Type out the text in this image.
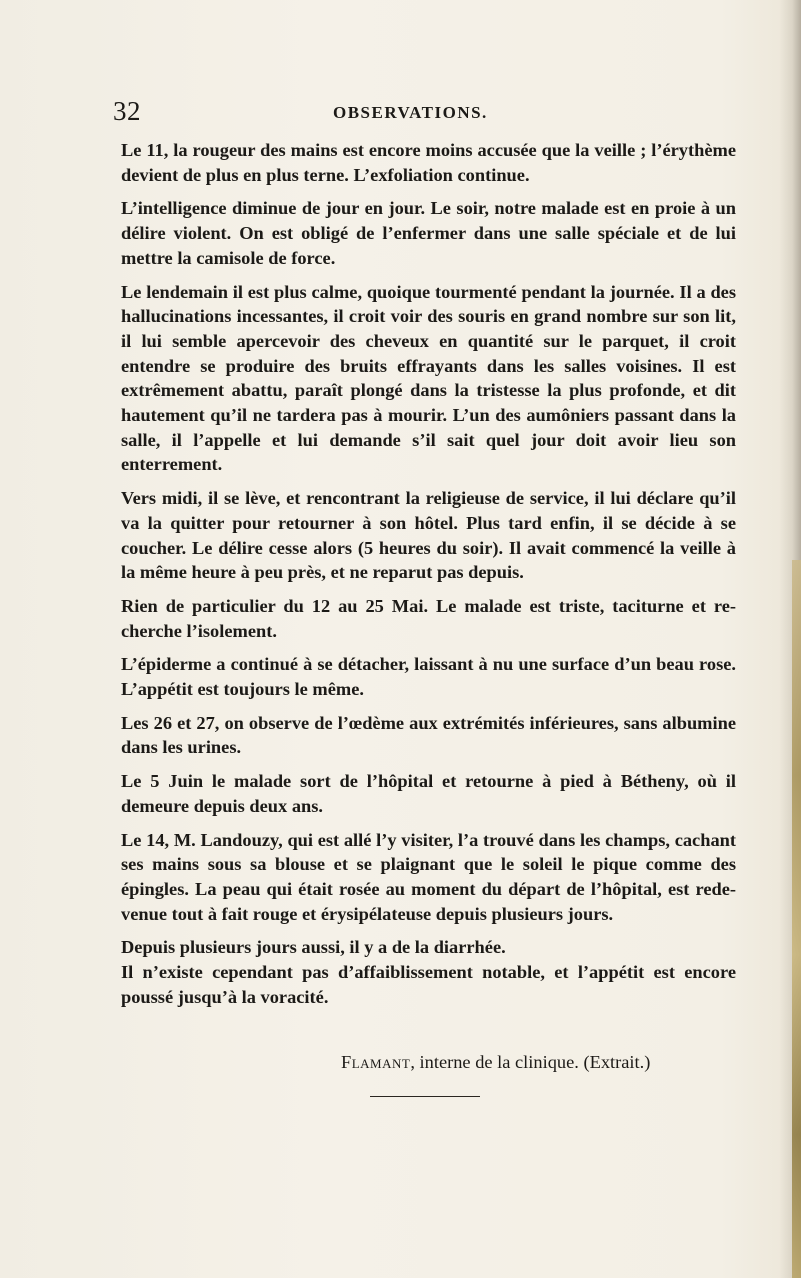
32	OBSERVATIONS.

Le 11, la rougeur des mains est encore moins accusée que la veille ; l’érythème devient de plus en plus terne. L’exfoliation continue.

L’intelligence diminue de jour en jour. Le soir, notre malade est en proie à un délire violent. On est obligé de l’enfermer dans une salle spéciale et de lui mettre la camisole de force.

Le lendemain il est plus calme, quoique tourmenté pendant la journée. Il a des hallucinations incessantes, il croit voir des souris en grand nombre sur son lit, il lui semble apercevoir des cheveux en quantité sur le parquet, il croit entendre se produire des bruits effrayants dans les salles voisines. Il est extrêmement abattu, paraît plongé dans la tristesse la plus profonde, et dit hautement qu’il ne tardera pas à mourir. L’un des aumôniers passant dans la salle, il l’appelle et lui demande s’il sait quel jour doit avoir lieu son enterrement.

Vers midi, il se lève, et rencontrant la religieuse de service, il lui déclare qu’il va la quitter pour retourner à son hôtel. Plus tard enfin, il se décide à se coucher. Le délire cesse alors (5 heures du soir). Il avait commencé la veille à la même heure à peu près, et ne reparut pas depuis.

Rien de particulier du 12 au 25 Mai. Le malade est triste, taciturne et re-cherche l’isolement.

L’épiderme a continué à se détacher, laissant à nu une surface d’un beau rose. L’appétit est toujours le même.

Les 26 et 27, on observe de l’œdème aux extrémités inférieures, sans albumine dans les urines.

Le 5 Juin le malade sort de l’hôpital et retourne à pied à Bétheny, où il demeure depuis deux ans.

Le 14, M. Landouzy, qui est allé l’y visiter, l’a trouvé dans les champs, cachant ses mains sous sa blouse et se plaignant que le soleil le pique comme des épingles. La peau qui était rosée au moment du départ de l’hôpital, est rede-venue tout à fait rouge et érysipélateuse depuis plusieurs jours.

Depuis plusieurs jours aussi, il y a de la diarrhée.

Il n’existe cependant pas d’affaiblissement notable, et l’appétit est encore poussé jusqu’à la voracité.

Flamant, interne de la clinique. (Extrait.)
